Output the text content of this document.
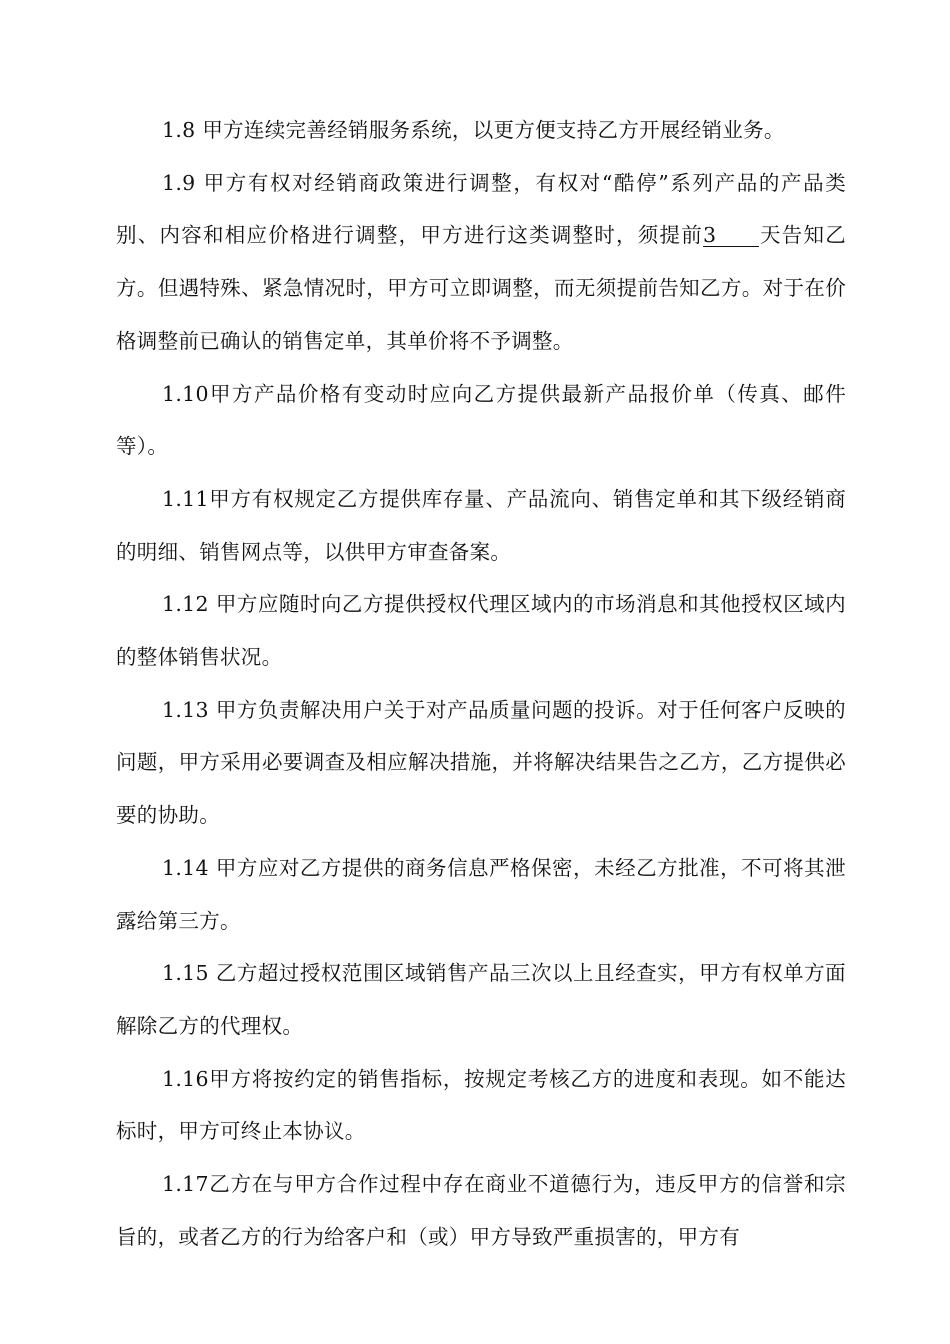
1.8 甲方连续完善经销服务系统，以更方便支持乙方开展经销业务。

1.9 甲方有权对经销商政策进行调整，有权对“酷停”系列产品的产品类别、内容和相应价格进行调整，甲方进行这类调整时，须提前3 天告知乙方。但遇特殊、紧急情况时，甲方可立即调整，而无须提前告知乙方。对于在价格调整前已确认的销售定单，其单价将不予调整。

1.10甲方产品价格有变动时应向乙方提供最新产品报价单（传真、邮件等）。

1.11甲方有权规定乙方提供库存量、产品流向、销售定单和其下级经销商的明细、销售网点等，以供甲方审查备案。

1.12 甲方应随时向乙方提供授权代理区域内的市场消息和其他授权区域内的整体销售状况。

1.13 甲方负责解决用户关于对产品质量问题的投诉。对于任何客户反映的问题，甲方采用必要调查及相应解决措施，并将解决结果告之乙方，乙方提供必要的协助。

1.14 甲方应对乙方提供的商务信息严格保密，未经乙方批准，不可将其泄露给第三方。

1.15 乙方超过授权范围区域销售产品三次以上且经查实，甲方有权单方面解除乙方的代理权。

1.16甲方将按约定的销售指标，按规定考核乙方的进度和表现。如不能达标时，甲方可终止本协议。

1.17乙方在与甲方合作过程中存在商业不道德行为，违反甲方的信誉和宗旨的，或者乙方的行为给客户和（或）甲方导致严重损害的，甲方有
